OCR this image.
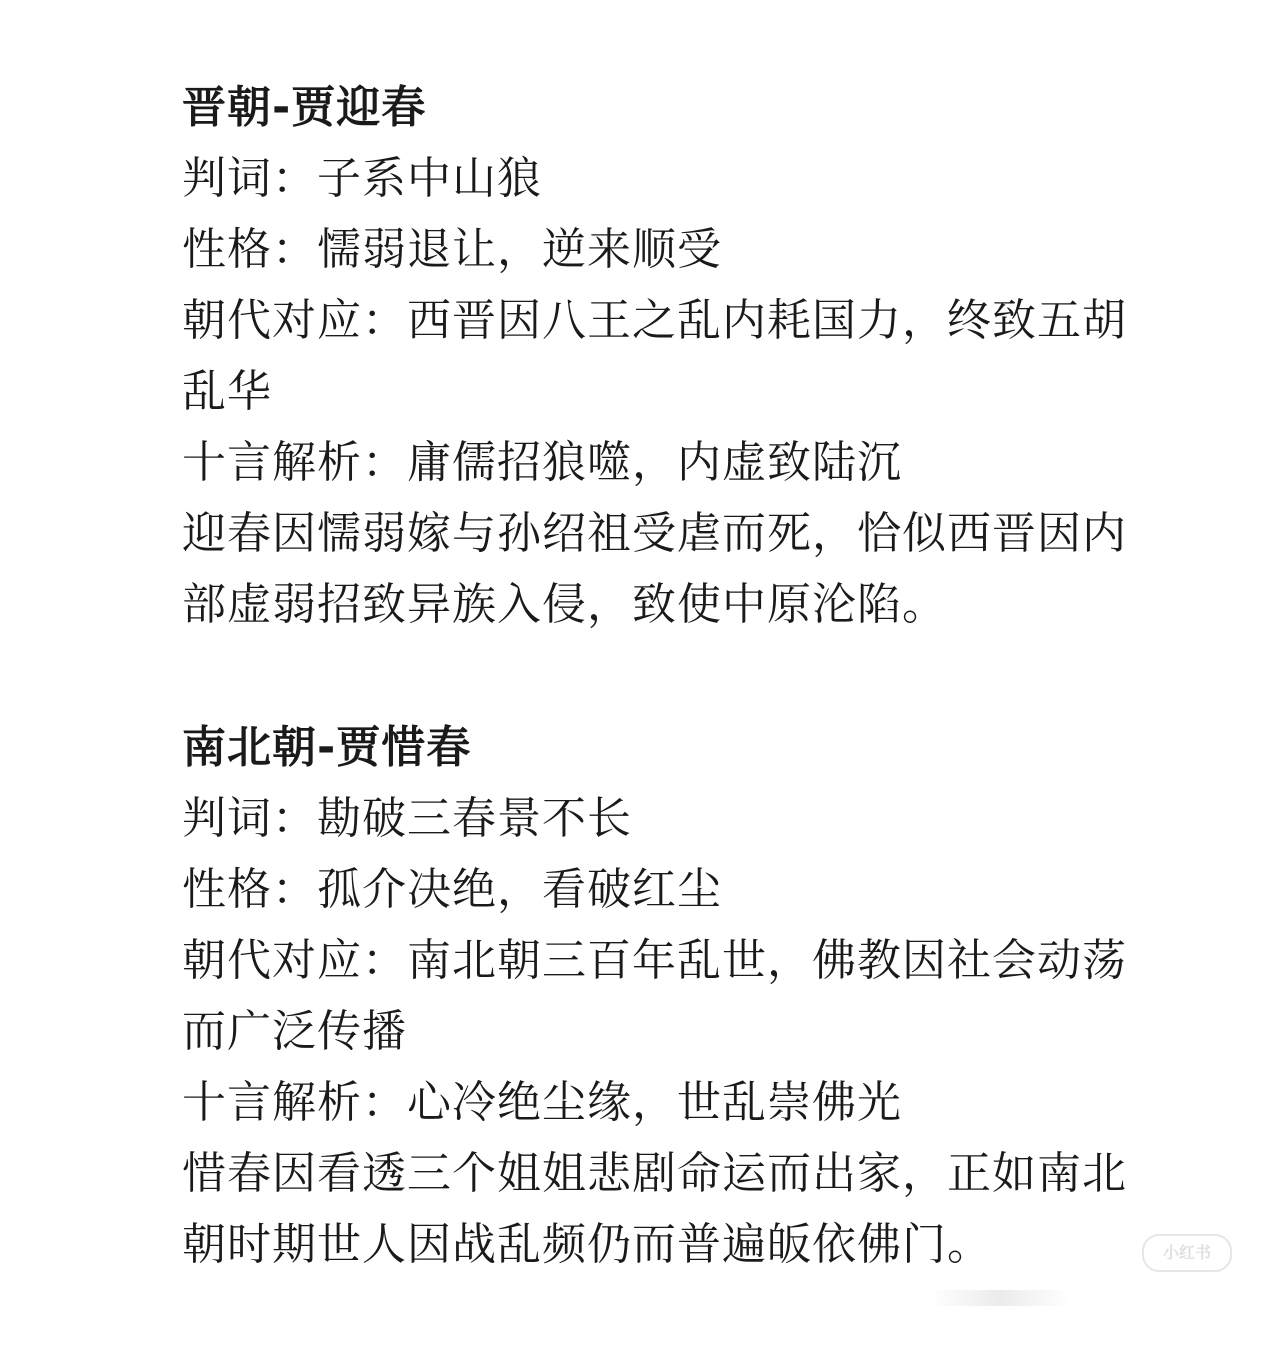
晋朝-贾迎春
判词：子系中山狼
性格：懦弱退让，逆来顺受
朝代对应：西晋因八王之乱内耗国力，终致五胡
乱华
十言解析：庸儒招狼噬，内虚致陆沉
迎春因懦弱嫁与孙绍祖受虐而死，恰似西晋因内
部虚弱招致异族入侵，致使中原沦陷。
南北朝-贾惜春
判词：勘破三春景不长
性格：孤介决绝，看破红尘
朝代对应：南北朝三百年乱世，佛教因社会动荡
而广泛传播
十言解析：心冷绝尘缘，世乱崇佛光
惜春因看透三个姐姐悲剧命运而出家，正如南北
朝时期世人因战乱频仍而普遍皈依佛门。	小红书
